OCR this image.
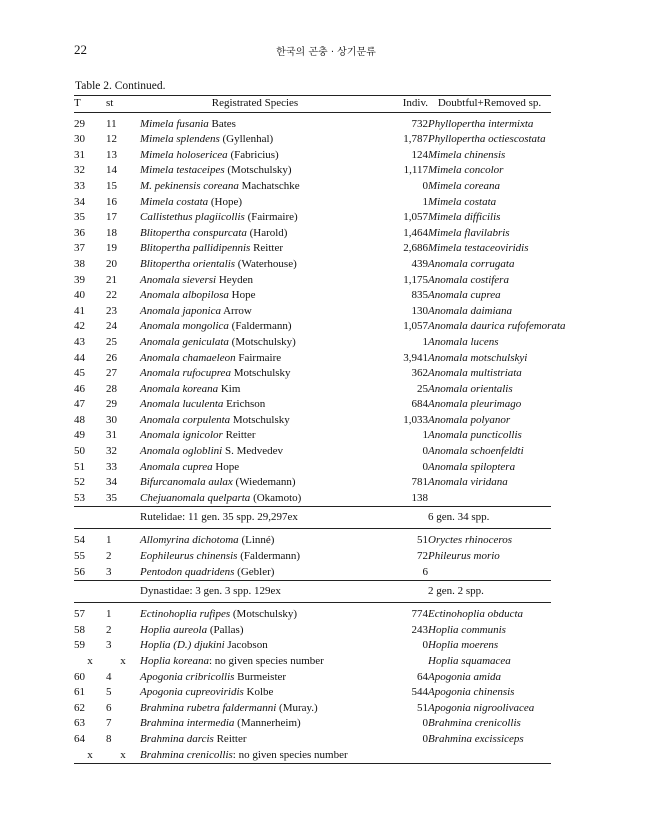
22	한국의 곤충 · 상기문류
Table 2. Continued.
T	st	Registrated Species	Indiv.	Doubtful+Removed sp.
29	11	Mimela fusania Bates	732	Phyllopertha intermixta
30	12	Mimela splendens (Gyllenhal)	1,787	Phyllopertha octiescostata
31	13	Mimela holosericea (Fabricius)	124	Mimela chinensis
32	14	Mimela testaceipes (Motschulsky)	1,117	Mimela concolor
33	15	M. pekinensis coreana Machatschke	0	Mimela coreana
34	16	Mimela costata (Hope)	1	Mimela costata
35	17	Callistethus plagiicollis (Fairmaire)	1,057	Mimela difficilis
36	18	Blitopertha conspurcata (Harold)	1,464	Mimela flavilabris
37	19	Blitopertha pallidipennis Reitter	2,686	Mimela testaceoviridis
38	20	Blitopertha orientalis (Waterhouse)	439	Anomala corrugata
39	21	Anomala sieversi Heyden	1,175	Anomala costifera
40	22	Anomala albopilosa Hope	835	Anomala cuprea
41	23	Anomala japonica Arrow	130	Anomala daimiana
42	24	Anomala mongolica (Faldermann)	1,057	Anomala daurica rufofemorata
43	25	Anomala geniculata (Motschulsky)	1	Anomala lucens
44	26	Anomala chamaeleon Fairmaire	3,941	Anomala motschulskyi
45	27	Anomala rufocuprea Motschulsky	362	Anomala multistriata
46	28	Anomala koreana Kim	25	Anomala orientalis
47	29	Anomala luculenta Erichson	684	Anomala pleurimago
48	30	Anomala corpulenta Motschulsky	1,033	Anomala polyanor
49	31	Anomala ignicolor Reitter	1	Anomala puncticollis
50	32	Anomala ogloblini S. Medvedev	0	Anomala schoenfeldti
51	33	Anomala cuprea Hope	0	Anomala spiloptera
52	34	Bifurcanomala aulax (Wiedemann)	781	Anomala viridana
53	35	Chejuanomala quelparta (Okamoto)	138	
		Rutelidae: 11 gen. 35 spp. 29,297ex		6 gen. 34 spp.
54	1	Allomyrina dichotoma (Linné)	51	Oryctes rhinoceros
55	2	Eophileurus chinensis (Faldermann)	72	Phileurus morio
56	3	Pentodon quadridens (Gebler)	6	
		Dynastidae: 3 gen. 3 spp. 129ex		2 gen. 2 spp.
57	1	Ectinohoplia rufipes (Motschulsky)	774	Ectinohoplia obducta
58	2	Hoplia aureola (Pallas)	243	Hoplia communis
59	3	Hoplia (D.) djukini Jacobson	0	Hoplia moerens
x	x	Hoplia koreana: no given species number		Hoplia squamacea
60	4	Apogonia cribricollis Burmeister	64	Apogonia amida
61	5	Apogonia cupreoviridis Kolbe	544	Apogonia chinensis
62	6	Brahmina rubetra faldermanni (Muray.)	51	Apogonia nigroolivacea
63	7	Brahmina intermedia (Mannerheim)	0	Brahmina crenicollis
64	8	Brahmina darcis Reitter	0	Brahmina excissiceps
x	x	Brahmina crenicollis: no given species number		
